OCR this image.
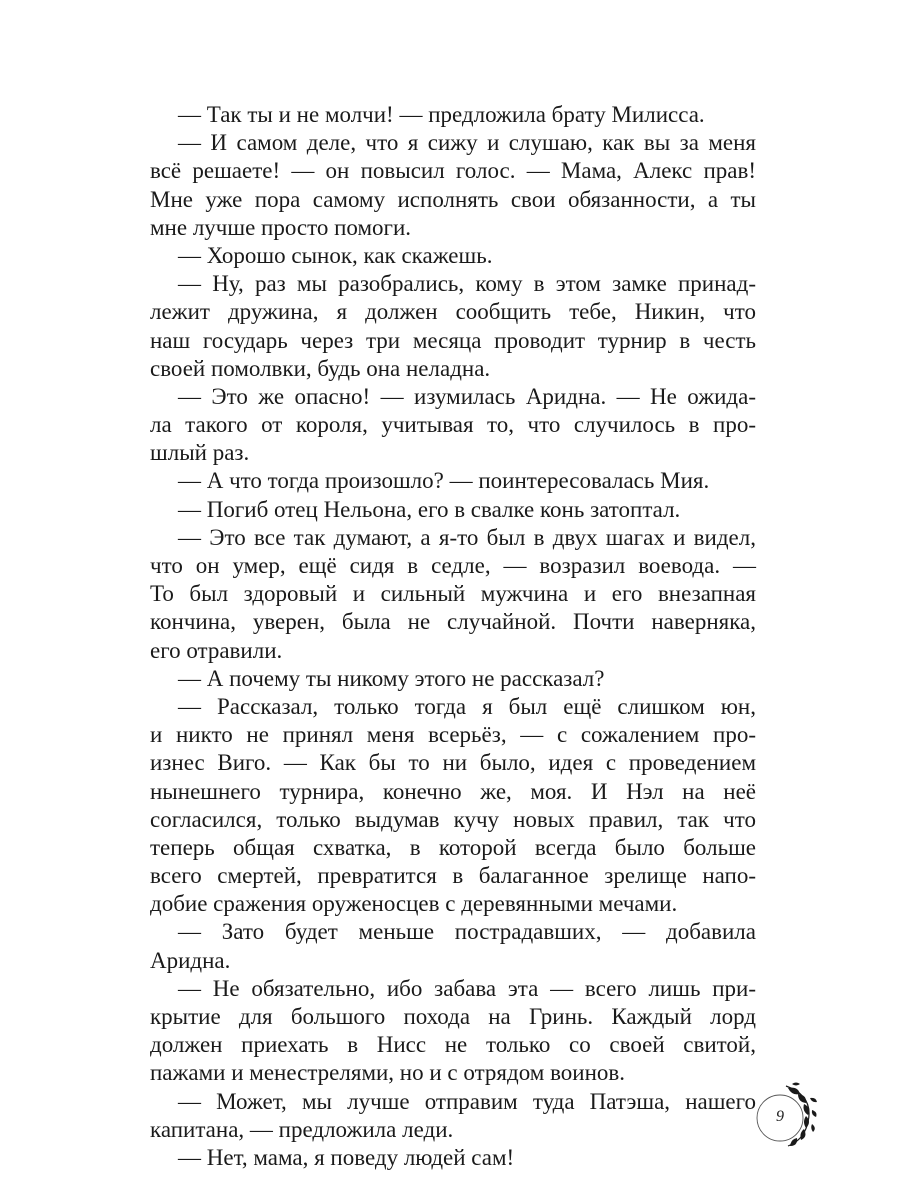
— Так ты и не молчи! — предложила брату Милисса.
— И самом деле, что я сижу и слушаю, как вы за меня
всё решаете! — он повысил голос. — Мама, Алекс прав!
Мне уже пора самому исполнять свои обязанности, а ты
мне лучше просто помоги.
— Хорошо сынок, как скажешь.
— Ну, раз мы разобрались, кому в этом замке принад-
лежит дружина, я должен сообщить тебе, Никин, что
наш государь через три месяца проводит турнир в честь
своей помолвки, будь она неладна.
— Это же опасно! — изумилась Аридна. — Не ожида-
ла такого от короля, учитывая то, что случилось в про-
шлый раз.
— А что тогда произошло? — поинтересовалась Мия.
— Погиб отец Нельона, его в свалке конь затоптал.
— Это все так думают, а я-то был в двух шагах и видел,
что он умер, ещё сидя в седле, — возразил воевода. —
То был здоровый и сильный мужчина и его внезапная
кончина, уверен, была не случайной. Почти наверняка,
его отравили.
— А почему ты никому этого не рассказал?
— Рассказал, только тогда я был ещё слишком юн,
и никто не принял меня всерьёз, — с сожалением про-
изнес Виго. — Как бы то ни было, идея с проведением
нынешнего турнира, конечно же, моя. И Нэл на неё
согласился, только выдумав кучу новых правил, так что
теперь общая схватка, в которой всегда было больше
всего смертей, превратится в балаганное зрелище напо-
добие сражения оруженосцев с деревянными мечами.
— Зато будет меньше пострадавших, — добавила
Аридна.
— Не обязательно, ибо забава эта — всего лишь при-
крытие для большого похода на Гринь. Каждый лорд
должен приехать в Нисс не только со своей свитой,
пажами и менестрелями, но и с отрядом воинов.
— Может, мы лучше отправим туда Патэша, нашего
капитана, — предложила леди.
— Нет, мама, я поведу людей сам!
9
